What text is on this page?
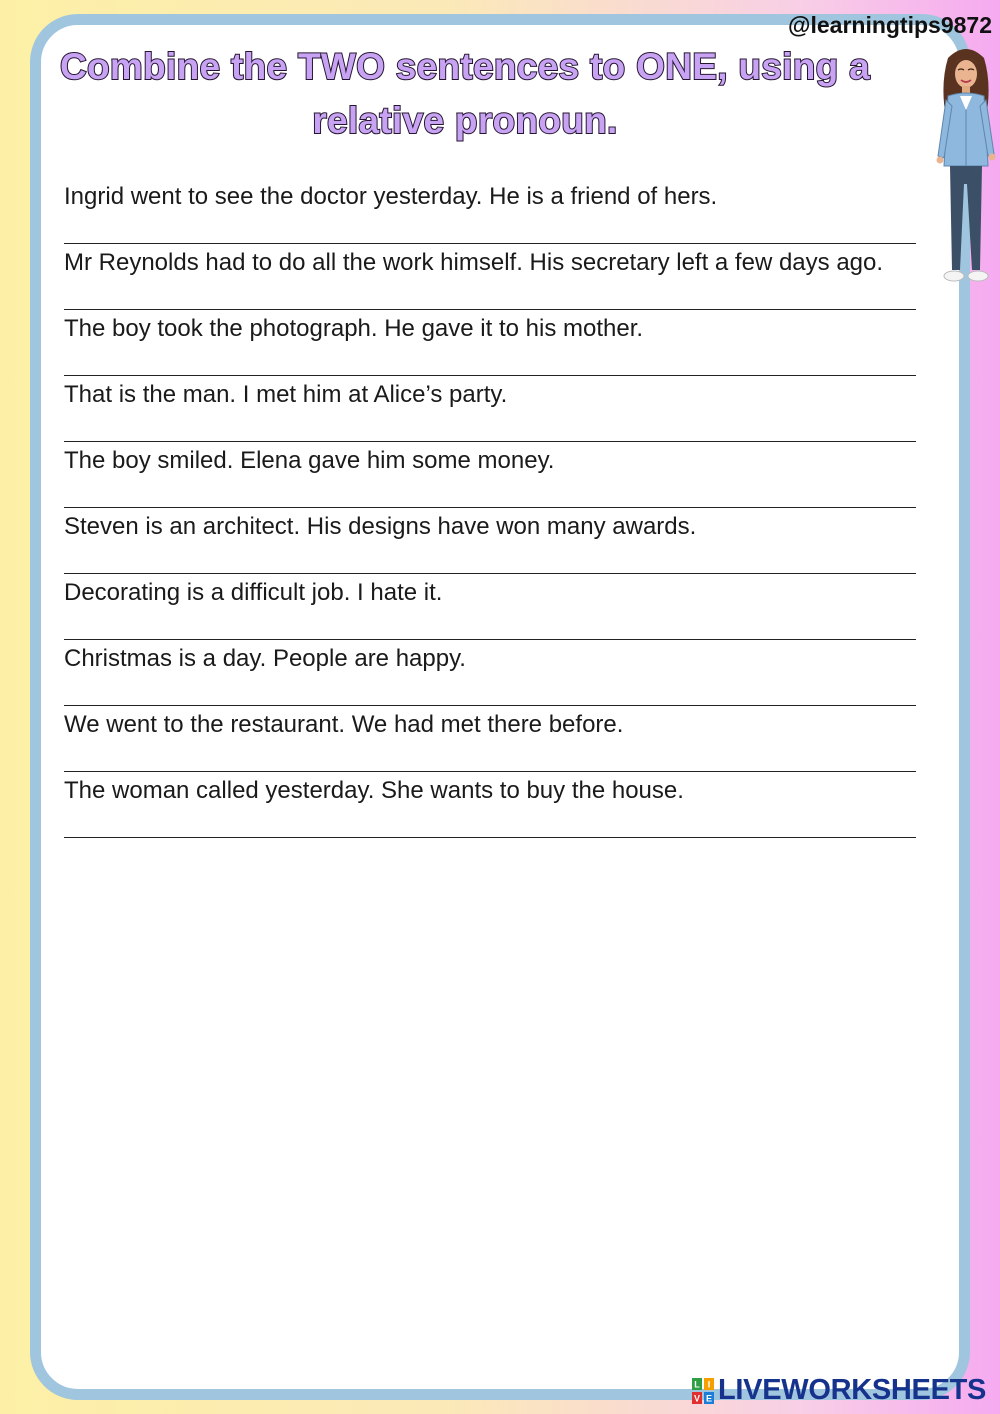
@learningtips9872
Combine the TWO sentences to ONE, using a relative pronoun.
Ingrid went to see the doctor yesterday. He is a friend of hers.
Mr Reynolds had to do all the work himself. His secretary left a few days ago.
The boy took the photograph. He gave it to his mother.
That is the man. I met him at Alice’s party.
The boy smiled. Elena gave him some money.
Steven is an architect. His designs have won many awards.
Decorating is a difficult job. I hate it.
Christmas is a day. People are happy.
We went to the restaurant. We had met there before.
The woman called yesterday. She wants to buy the house.
L I
V E LIVEWORKSHEETS
